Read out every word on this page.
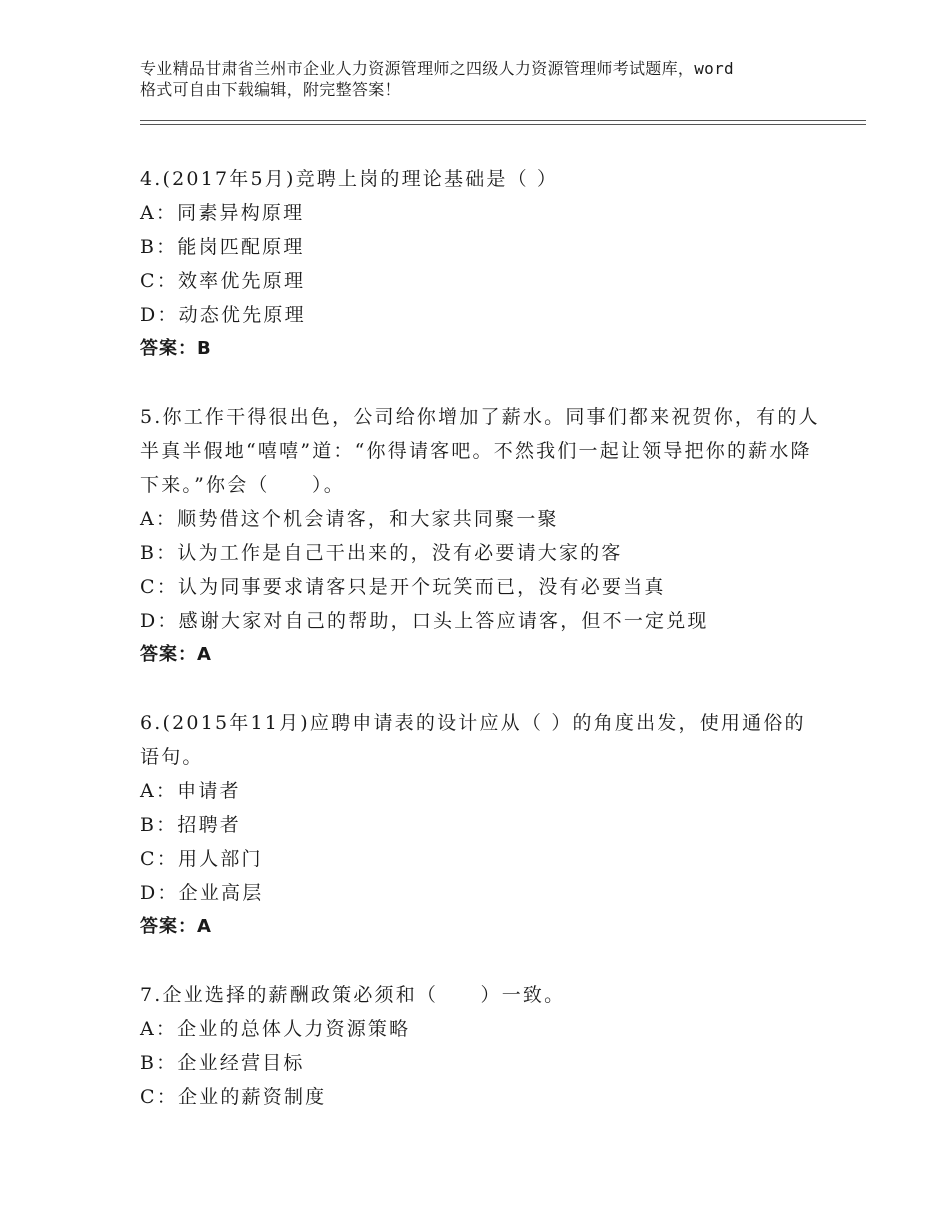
专业精品甘肃省兰州市企业人力资源管理师之四级人力资源管理师考试题库，word
格式可自由下载编辑，附完整答案！

4.(2017年5月)竞聘上岗的理论基础是（ ）

A：同素异构原理

B：能岗匹配原理

C：效率优先原理

D：动态优先原理

答案：B

5.你工作干得很出色，公司给你增加了薪水。同事们都来祝贺你，有的人半真半假地“嘻嘻”道：“你得请客吧。不然我们一起让领导把你的薪水降下来。”你会（　　）。

A：顺势借这个机会请客，和大家共同聚一聚

B：认为工作是自己干出来的，没有必要请大家的客

C：认为同事要求请客只是开个玩笑而已，没有必要当真

D：感谢大家对自己的帮助，口头上答应请客，但不一定兑现

答案：A

6.(2015年11月)应聘申请表的设计应从（ ）的角度出发，使用通俗的语句。

A：申请者

B：招聘者

C：用人部门

D：企业高层

答案：A

7.企业选择的薪酬政策必须和（　　）一致。

A：企业的总体人力资源策略

B：企业经营目标

C：企业的薪资制度
